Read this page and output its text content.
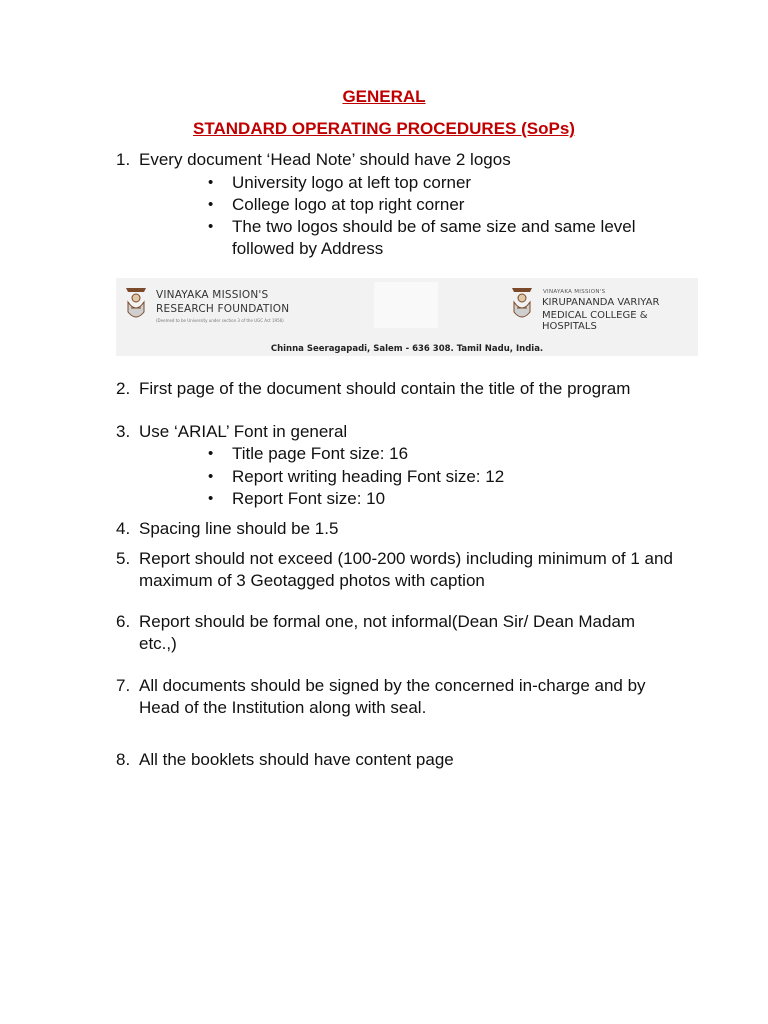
GENERAL
STANDARD OPERATING PROCEDURES (SoPs)
1. Every document ‘Head Note’ should have 2 logos
• University logo at left top corner
• College logo at top right corner
• The two logos should be of same size and same level followed by Address
VINAYAKA MISSION'S
RESEARCH FOUNDATION
(Deemed to be University under section 3 of the UGC Act 1956)
VINAYAKA MISSION'S
KIRUPANANDA VARIYAR
MEDICAL COLLEGE & HOSPITALS
Chinna Seeragapadi, Salem - 636 308. Tamil Nadu, India.
2. First page of the document should contain the title of the program
3. Use ‘ARIAL’ Font in general
• Title page Font size: 16
• Report writing heading Font size: 12
• Report Font size: 10
4. Spacing line should be 1.5
5. Report should not exceed (100-200 words) including minimum of 1 and maximum of 3 Geotagged photos with caption
6. Report should be formal one, not informal(Dean Sir/ Dean Madam etc.,)
7. All documents should be signed by the concerned in-charge and by Head of the Institution along with seal.
8. All the booklets should have content page
